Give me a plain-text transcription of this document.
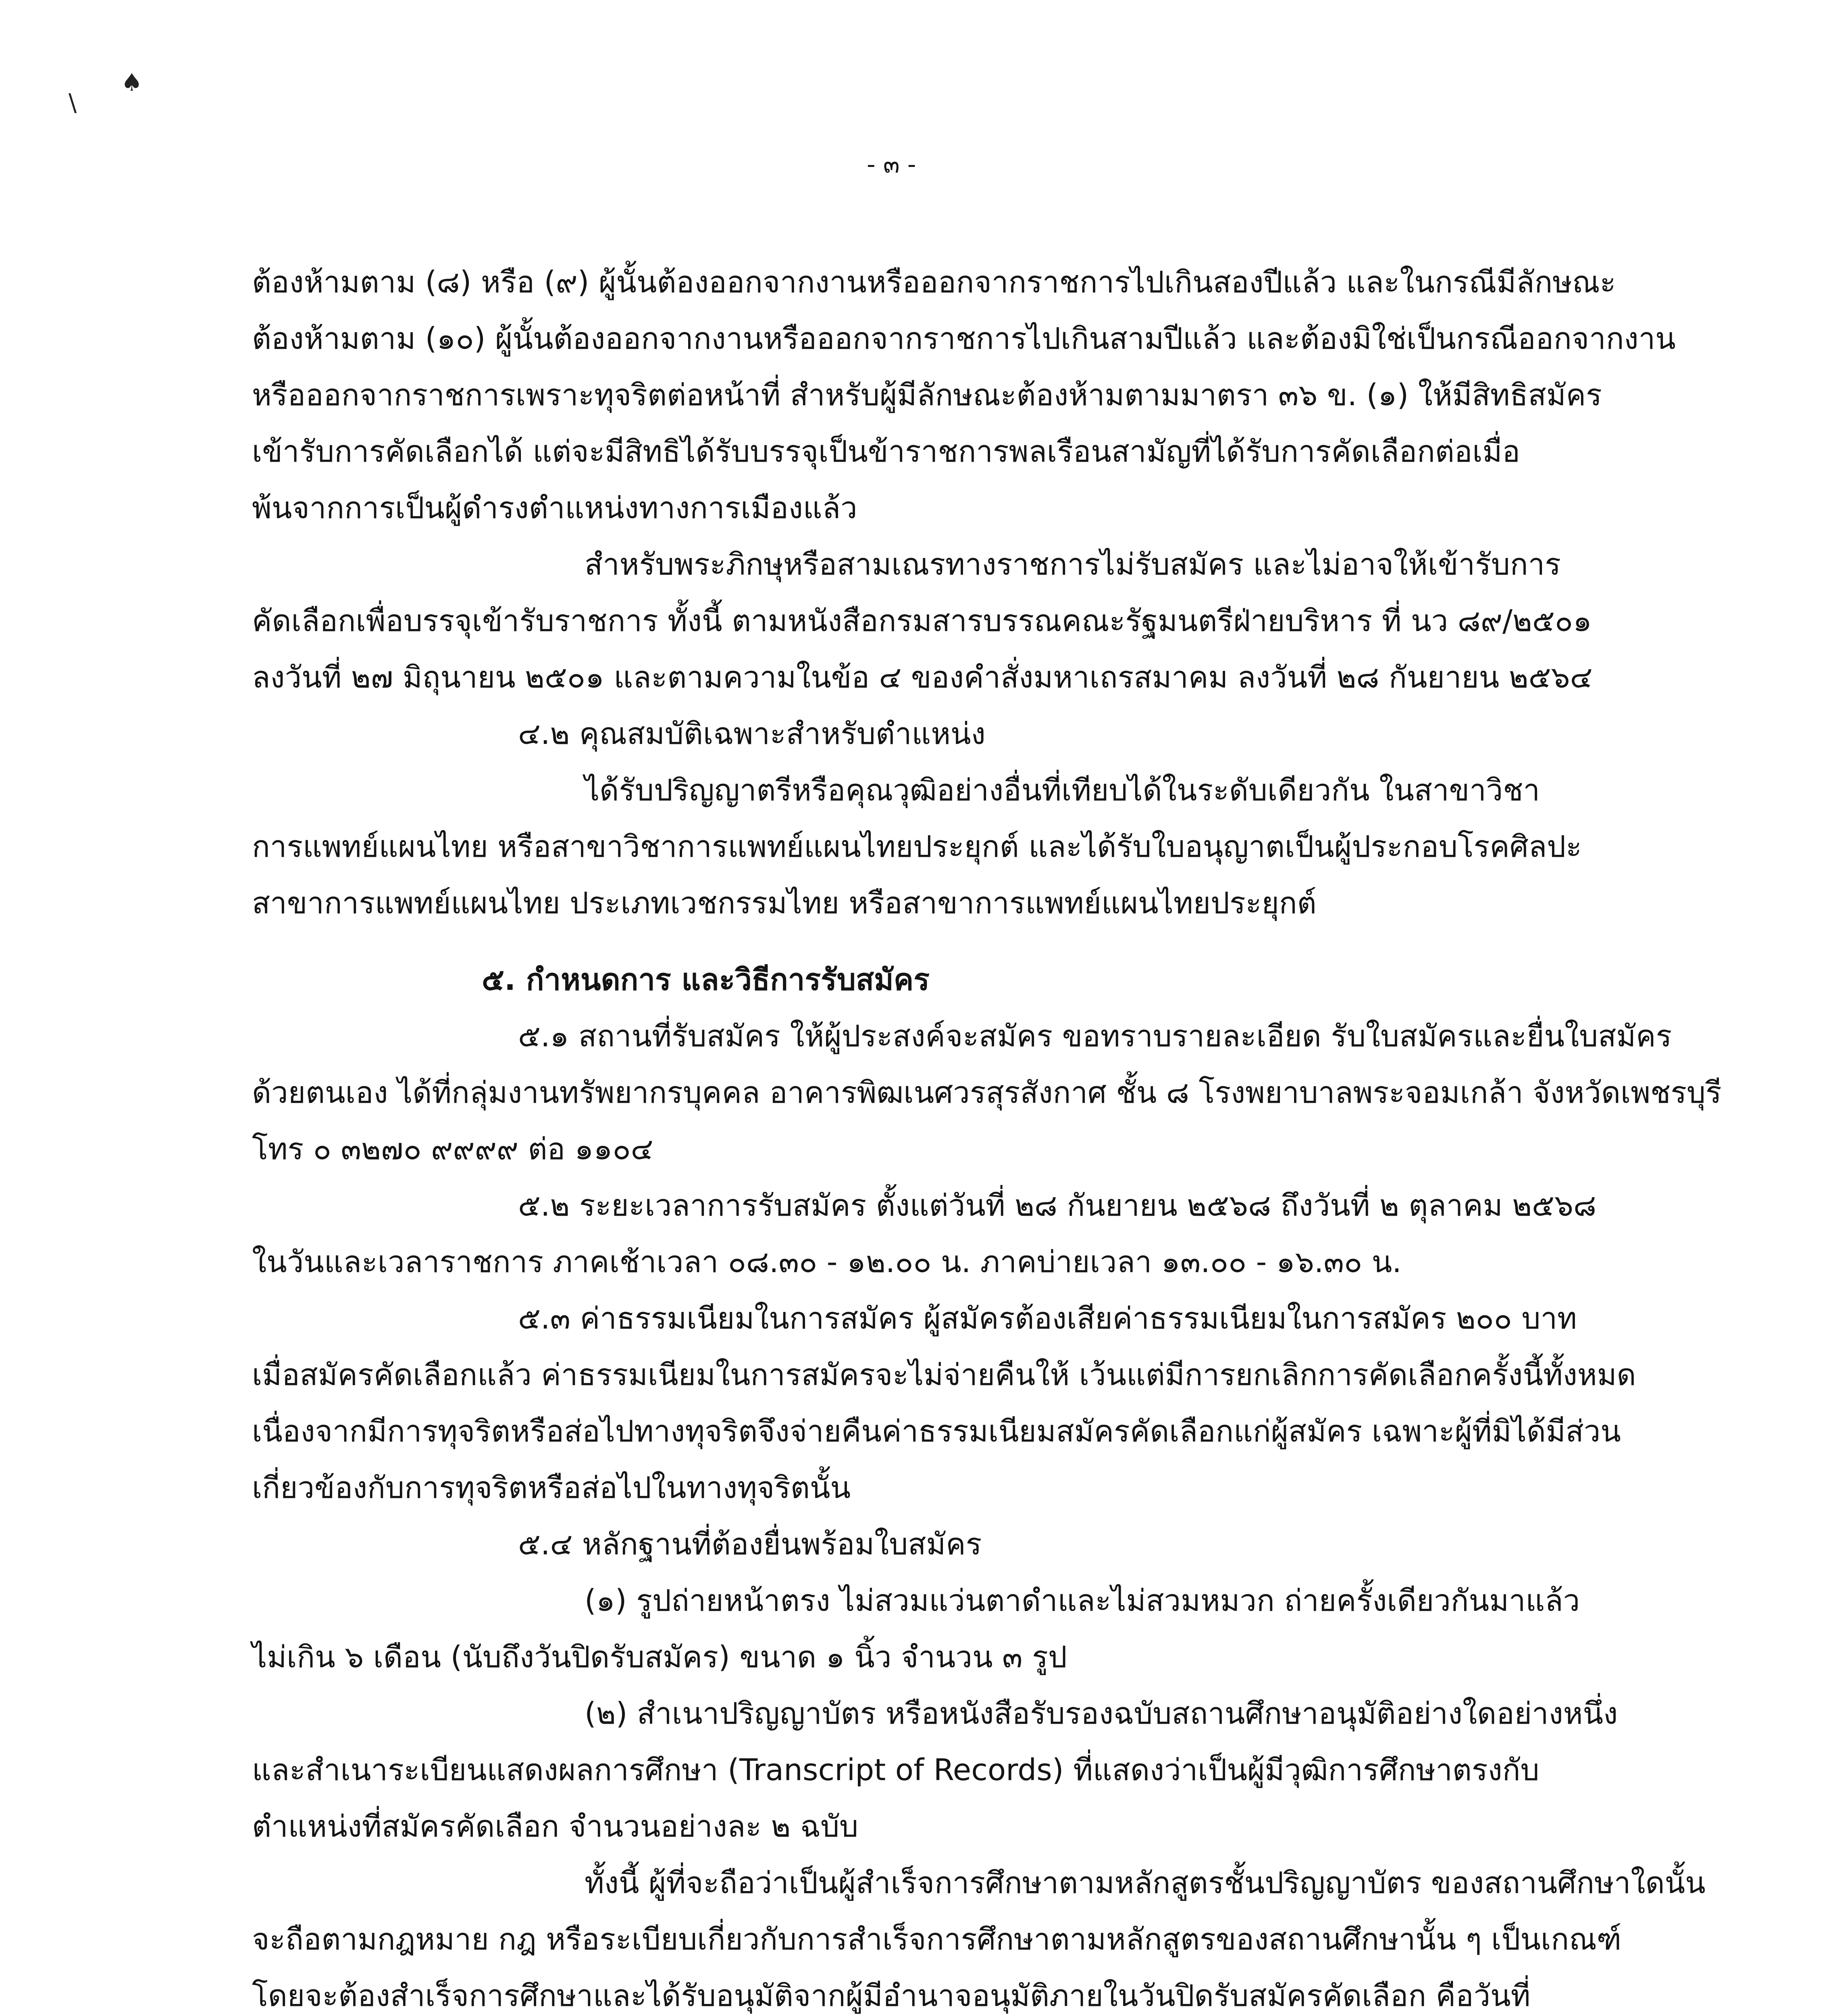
\
♠
- ๓ -
ต้องห้ามตาม (๘) หรือ (๙) ผู้นั้นต้องออกจากงานหรือออกจากราชการไปเกินสองปีแล้ว และในกรณีมีลักษณะ
ต้องห้ามตาม (๑๐) ผู้นั้นต้องออกจากงานหรือออกจากราชการไปเกินสามปีแล้ว และต้องมิใช่เป็นกรณีออกจากงาน
หรือออกจากราชการเพราะทุจริตต่อหน้าที่ สำหรับผู้มีลักษณะต้องห้ามตามมาตรา ๓๖ ข. (๑) ให้มีสิทธิสมัคร
เข้ารับการคัดเลือกได้ แต่จะมีสิทธิได้รับบรรจุเป็นข้าราชการพลเรือนสามัญที่ได้รับการคัดเลือกต่อเมื่อ
พ้นจากการเป็นผู้ดำรงตำแหน่งทางการเมืองแล้ว
สำหรับพระภิกษุหรือสามเณรทางราชการไม่รับสมัคร และไม่อาจให้เข้ารับการ
คัดเลือกเพื่อบรรจุเข้ารับราชการ ทั้งนี้ ตามหนังสือกรมสารบรรณคณะรัฐมนตรีฝ่ายบริหาร ที่ นว ๘๙/๒๕๐๑
ลงวันที่ ๒๗ มิถุนายน ๒๕๐๑ และตามความในข้อ ๔ ของคำสั่งมหาเถรสมาคม ลงวันที่ ๒๘ กันยายน ๒๕๖๔
๔.๒ คุณสมบัติเฉพาะสำหรับตำแหน่ง
ได้รับปริญญาตรีหรือคุณวุฒิอย่างอื่นที่เทียบได้ในระดับเดียวกัน ในสาขาวิชา
การแพทย์แผนไทย หรือสาขาวิชาการแพทย์แผนไทยประยุกต์ และได้รับใบอนุญาตเป็นผู้ประกอบโรคศิลปะ
สาขาการแพทย์แผนไทย ประเภทเวชกรรมไทย หรือสาขาการแพทย์แผนไทยประยุกต์
๕. กำหนดการ และวิธีการรับสมัคร
๕.๑ สถานที่รับสมัคร ให้ผู้ประสงค์จะสมัคร ขอทราบรายละเอียด รับใบสมัครและยื่นใบสมัคร
ด้วยตนเอง ได้ที่กลุ่มงานทรัพยากรบุคคล อาคารพิฒเนศวรสุรสังกาศ ชั้น ๘ โรงพยาบาลพระจอมเกล้า จังหวัดเพชรบุรี
โทร ๐ ๓๒๗๐ ๙๙๙๙ ต่อ ๑๑๐๔
๕.๒ ระยะเวลาการรับสมัคร ตั้งแต่วันที่ ๒๘ กันยายน ๒๕๖๘ ถึงวันที่ ๒ ตุลาคม ๒๕๖๘
ในวันและเวลาราชการ ภาคเช้าเวลา ๐๘.๓๐ - ๑๒.๐๐ น. ภาคบ่ายเวลา ๑๓.๐๐ - ๑๖.๓๐ น.
๕.๓ ค่าธรรมเนียมในการสมัคร ผู้สมัครต้องเสียค่าธรรมเนียมในการสมัคร ๒๐๐ บาท
เมื่อสมัครคัดเลือกแล้ว ค่าธรรมเนียมในการสมัครจะไม่จ่ายคืนให้ เว้นแต่มีการยกเลิกการคัดเลือกครั้งนี้ทั้งหมด
เนื่องจากมีการทุจริตหรือส่อไปทางทุจริตจึงจ่ายคืนค่าธรรมเนียมสมัครคัดเลือกแก่ผู้สมัคร เฉพาะผู้ที่มิได้มีส่วน
เกี่ยวข้องกับการทุจริตหรือส่อไปในทางทุจริตนั้น
๕.๔ หลักฐานที่ต้องยื่นพร้อมใบสมัคร
(๑) รูปถ่ายหน้าตรง ไม่สวมแว่นตาดำและไม่สวมหมวก ถ่ายครั้งเดียวกันมาแล้ว
ไม่เกิน ๖ เดือน (นับถึงวันปิดรับสมัคร) ขนาด ๑ นิ้ว จำนวน ๓ รูป
(๒) สำเนาปริญญาบัตร หรือหนังสือรับรองฉบับสถานศึกษาอนุมัติอย่างใดอย่างหนึ่ง
และสำเนาระเบียนแสดงผลการศึกษา (Transcript of Records) ที่แสดงว่าเป็นผู้มีวุฒิการศึกษาตรงกับ
ตำแหน่งที่สมัครคัดเลือก จำนวนอย่างละ ๒ ฉบับ
ทั้งนี้ ผู้ที่จะถือว่าเป็นผู้สำเร็จการศึกษาตามหลักสูตรชั้นปริญญาบัตร ของสถานศึกษาใดนั้น
จะถือตามกฎหมาย กฎ หรือระเบียบเกี่ยวกับการสำเร็จการศึกษาตามหลักสูตรของสถานศึกษานั้น ๆ เป็นเกณฑ์
โดยจะต้องสำเร็จการศึกษาและได้รับอนุมัติจากผู้มีอำนาจอนุมัติภายในวันปิดรับสมัครคัดเลือก คือวันที่
